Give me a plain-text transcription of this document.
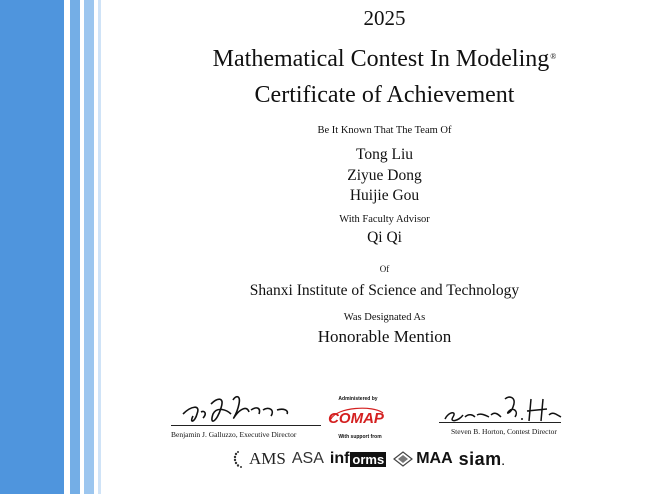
2025
Mathematical Contest In Modeling®
Certificate of Achievement
Be It Known That The Team Of
Tong Liu
Ziyue Dong
Huijie Gou
With Faculty Advisor
Qi Qi
Of
Shanxi Institute of Science and Technology
Was Designated As
Honorable Mention
Benjamin J. Galluzzo, Executive Director
Administered by
COMAP
With support from
Steven B. Horton, Contest Director
AMS ASA inf orms MAA siam.
